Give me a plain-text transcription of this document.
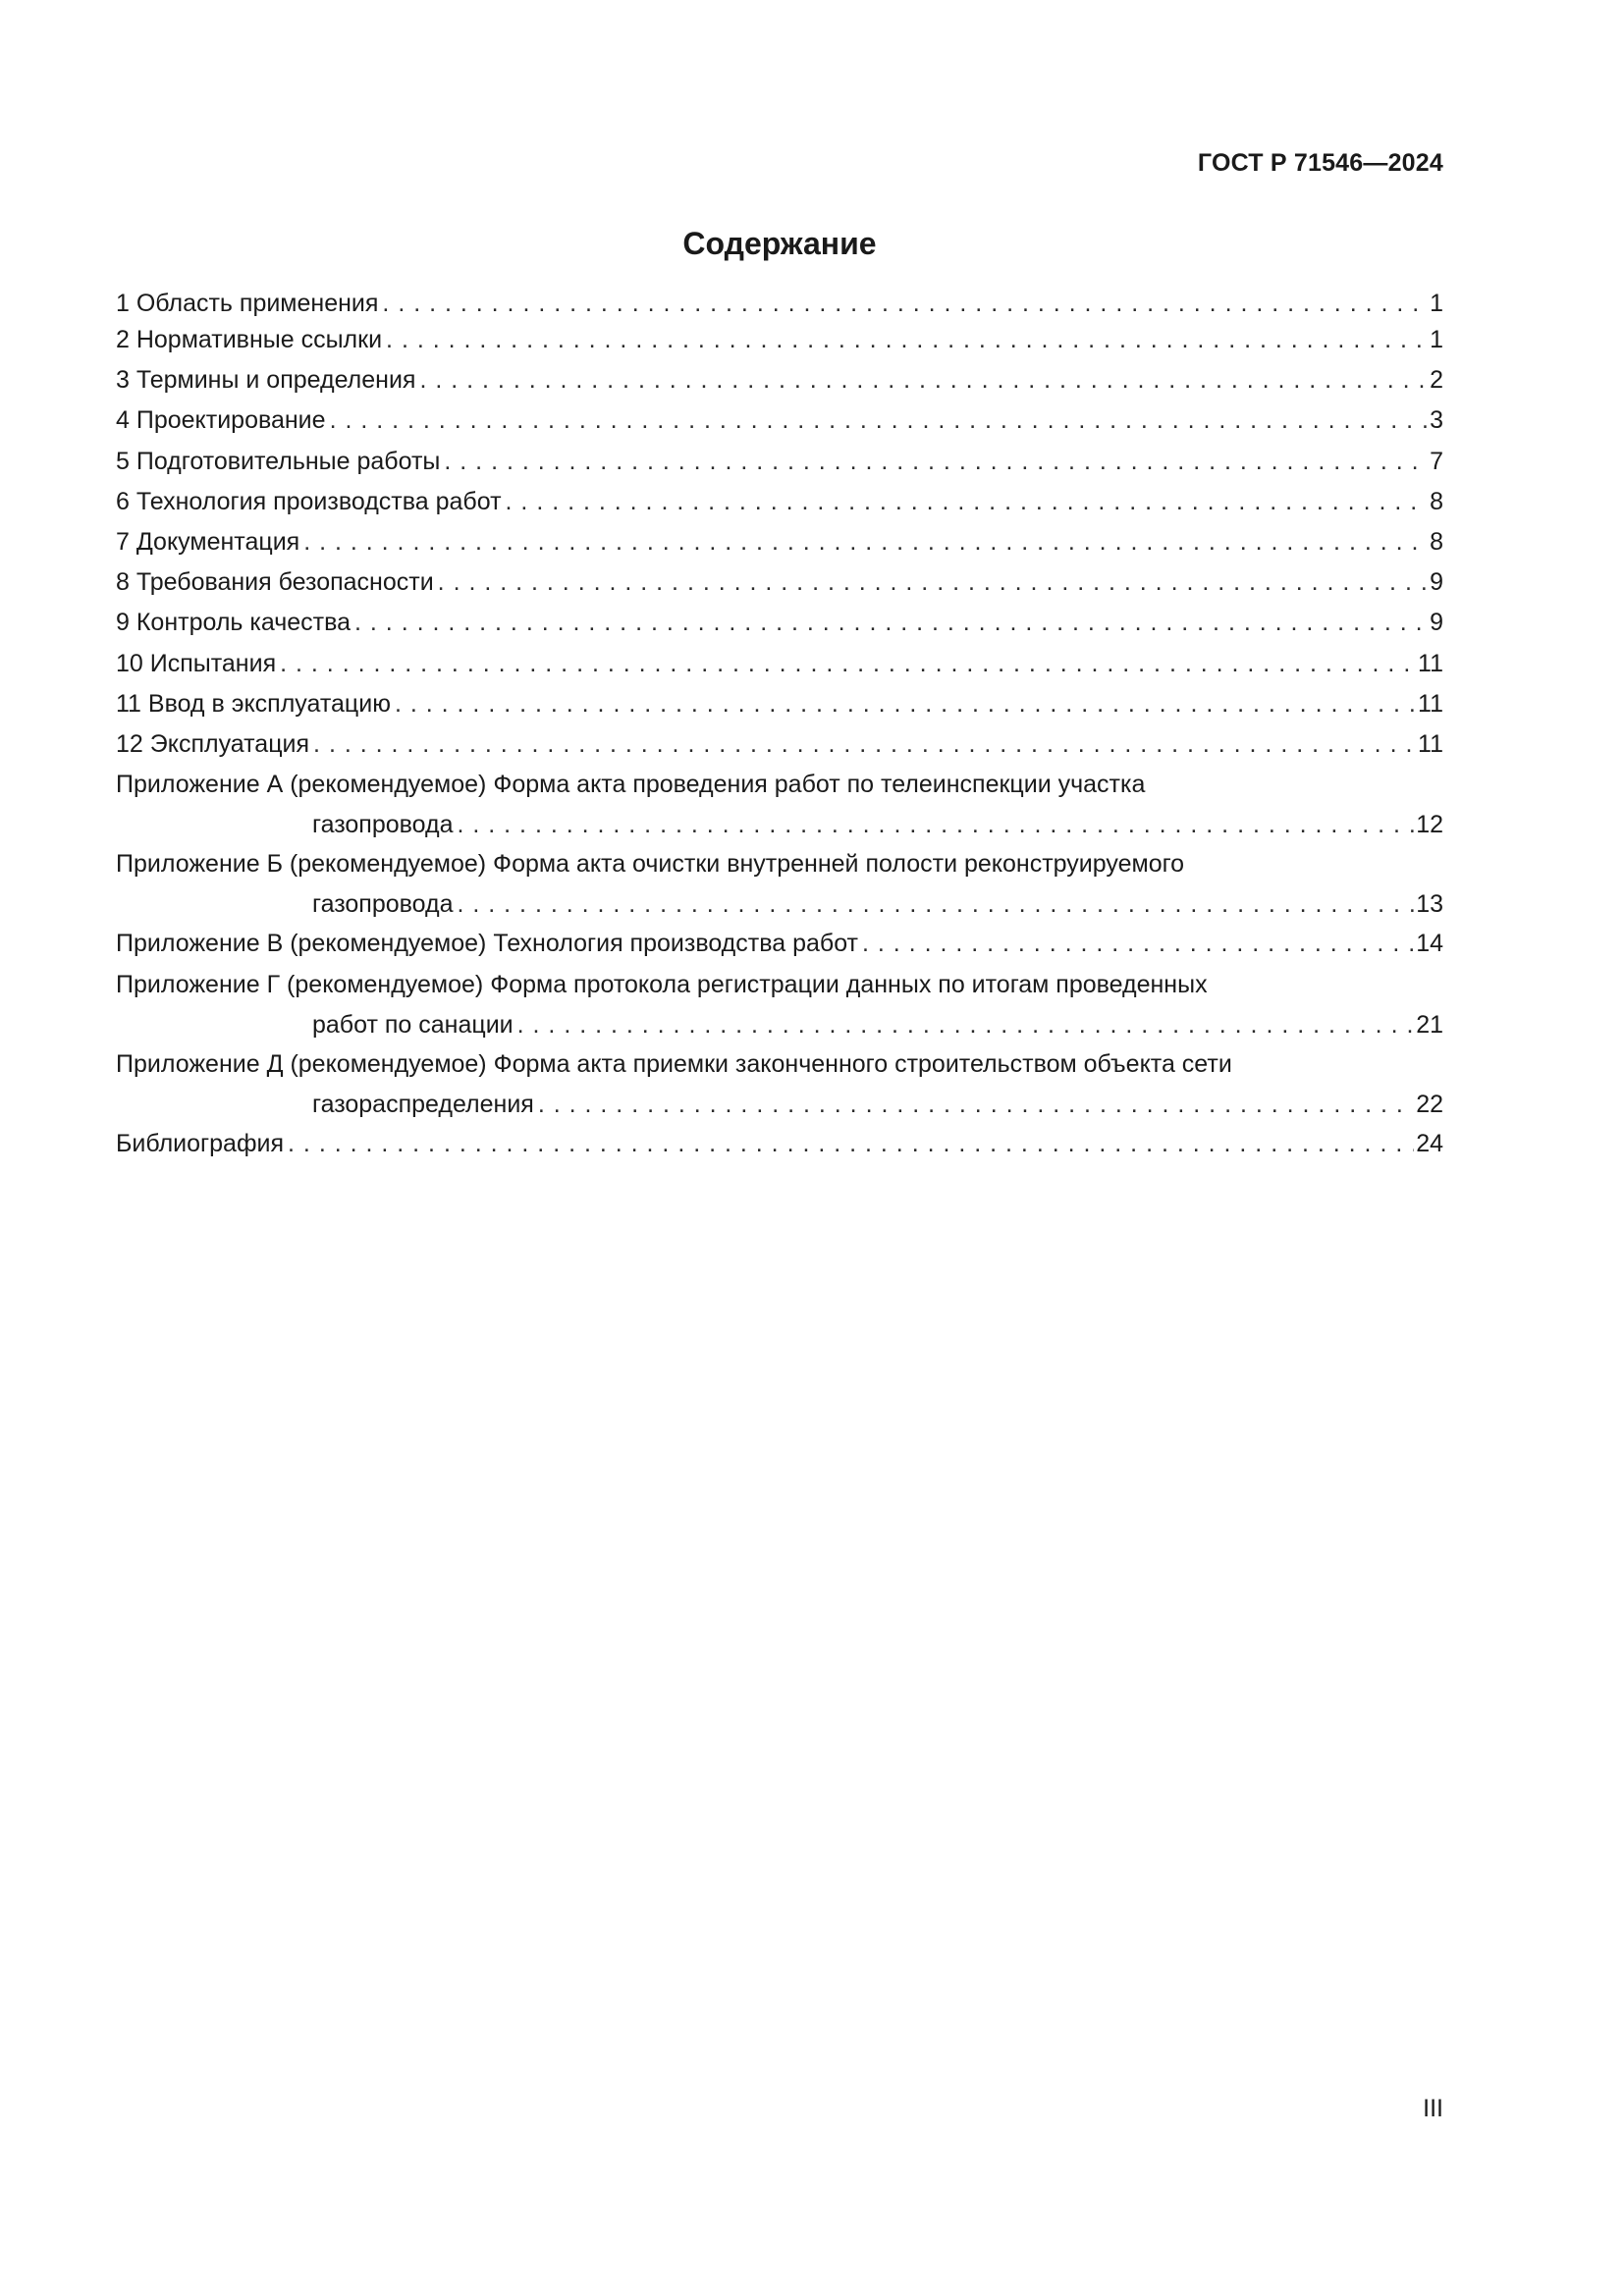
ГОСТ Р 71546—2024
Содержание
1 Область применения . . .	1
2 Нормативные ссылки . . .	1
3 Термины и определения . . .	2
4 Проектирование . . .	3
5 Подготовительные работы . . .	7
6 Технология производства работ . . .	8
7 Документация . . .	8
8 Требования безопасности . . .	9
9 Контроль качества . . .	9
10 Испытания . . .	11
11 Ввод в эксплуатацию . . .	11
12 Эксплуатация . . .	11
Приложение А (рекомендуемое) Форма акта проведения работ по телеинспекции участка
газопровода . . .	12
Приложение Б (рекомендуемое) Форма акта очистки внутренней полости реконструируемого
газопровода . . .	13
Приложение В (рекомендуемое) Технология производства работ . . .	14
Приложение Г (рекомендуемое) Форма протокола регистрации данных по итогам проведенных
работ по санации . . .	21
Приложение Д (рекомендуемое) Форма акта приемки законченного строительством объекта сети
газораспределения . . .	22
Библиография . . .	24
III
